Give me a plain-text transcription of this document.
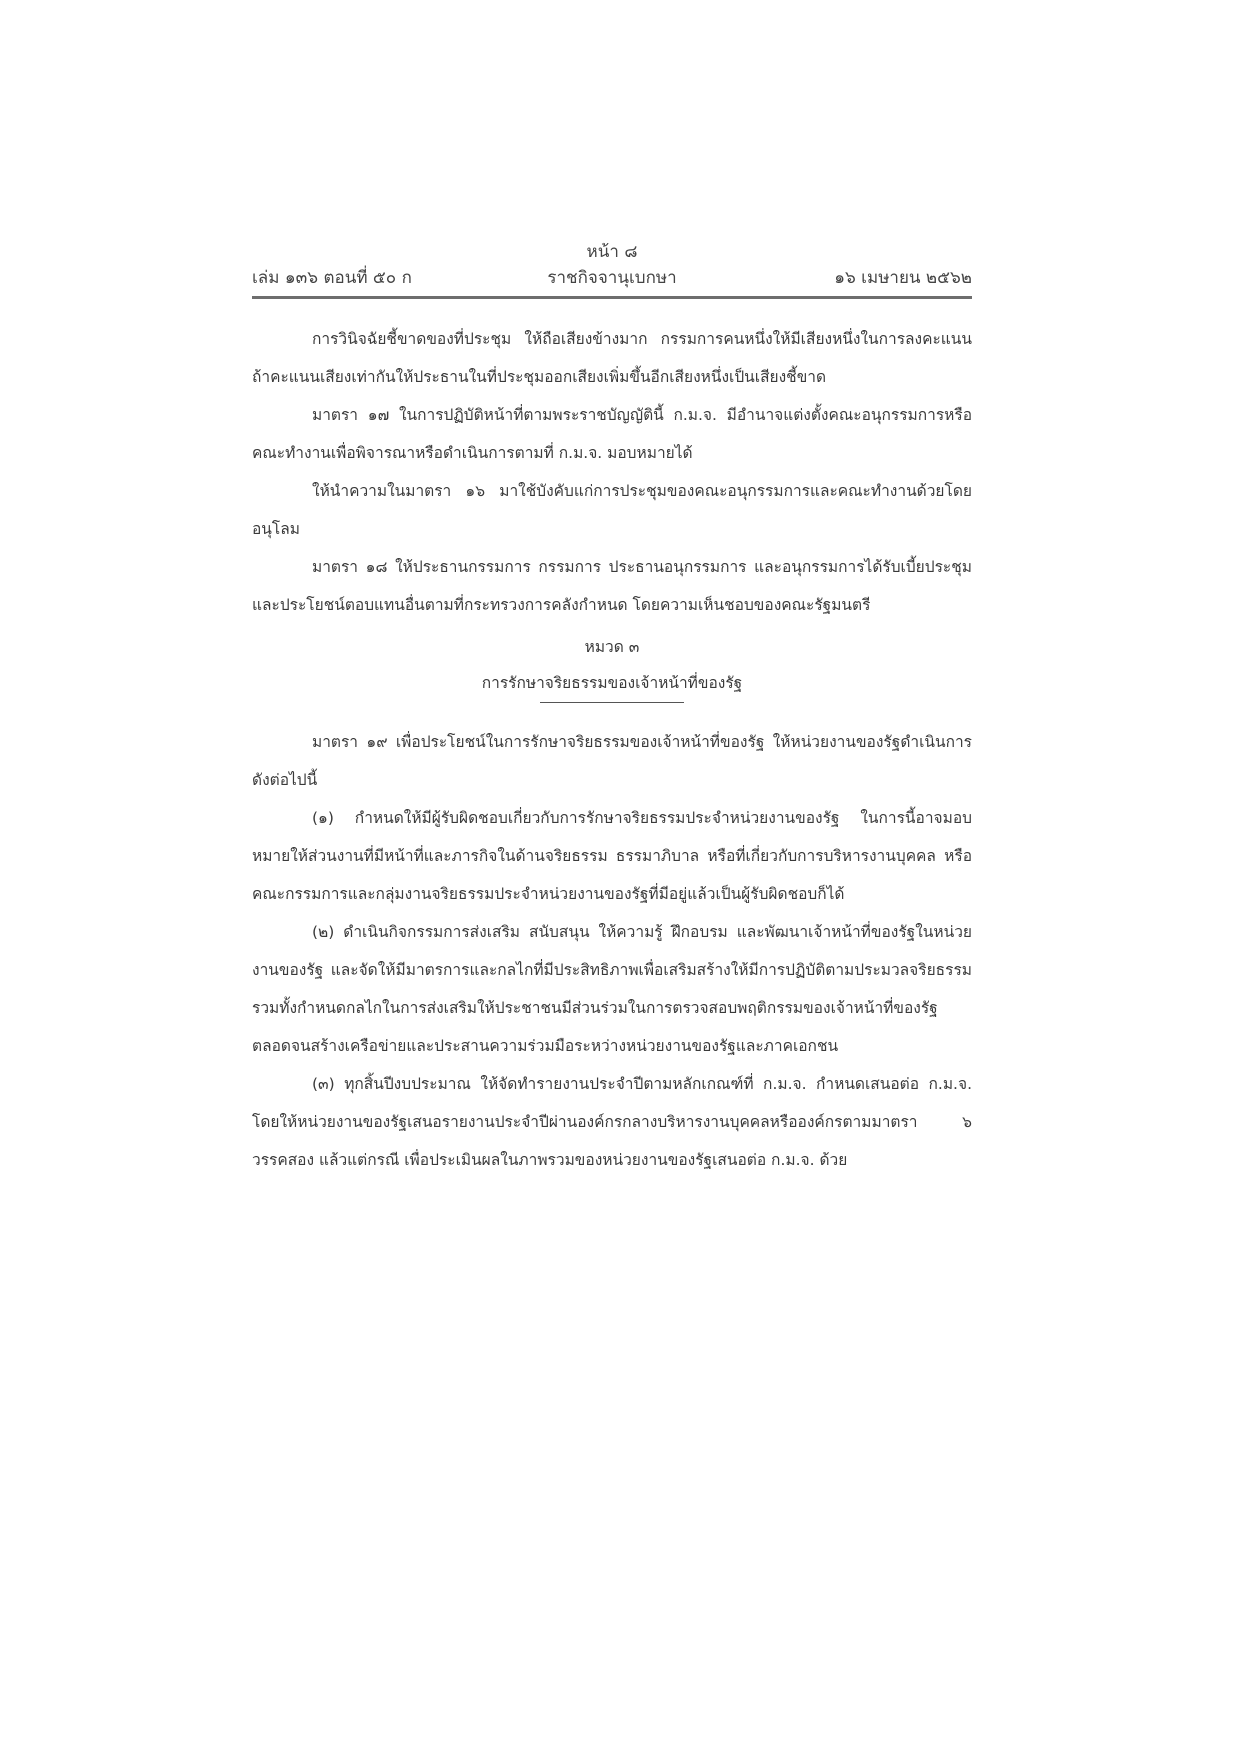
หน้า ๘
เล่ม ๑๓๖ ตอนที่ ๕๐ ก	ราชกิจจานุเบกษา	๑๖ เมษายน ๒๕๖๒

การวินิจฉัยชี้ขาดของที่ประชุม ให้ถือเสียงข้างมาก กรรมการคนหนึ่งให้มีเสียงหนึ่งในการลงคะแนน ถ้าคะแนนเสียงเท่ากันให้ประธานในที่ประชุมออกเสียงเพิ่มขึ้นอีกเสียงหนึ่งเป็นเสียงชี้ขาด

มาตรา ๑๗ ในการปฏิบัติหน้าที่ตามพระราชบัญญัตินี้ ก.ม.จ. มีอำนาจแต่งตั้งคณะอนุกรรมการหรือคณะทำงานเพื่อพิจารณาหรือดำเนินการตามที่ ก.ม.จ. มอบหมายได้

ให้นำความในมาตรา ๑๖ มาใช้บังคับแก่การประชุมของคณะอนุกรรมการและคณะทำงานด้วยโดยอนุโลม

มาตรา ๑๘ ให้ประธานกรรมการ กรรมการ ประธานอนุกรรมการ และอนุกรรมการได้รับเบี้ยประชุมและประโยชน์ตอบแทนอื่นตามที่กระทรวงการคลังกำหนด โดยความเห็นชอบของคณะรัฐมนตรี

หมวด ๓
การรักษาจริยธรรมของเจ้าหน้าที่ของรัฐ

มาตรา ๑๙ เพื่อประโยชน์ในการรักษาจริยธรรมของเจ้าหน้าที่ของรัฐ ให้หน่วยงานของรัฐดำเนินการ ดังต่อไปนี้

(๑) กำหนดให้มีผู้รับผิดชอบเกี่ยวกับการรักษาจริยธรรมประจำหน่วยงานของรัฐ ในการนี้อาจมอบหมายให้ส่วนงานที่มีหน้าที่และภารกิจในด้านจริยธรรม ธรรมาภิบาล หรือที่เกี่ยวกับการบริหารงานบุคคล หรือคณะกรรมการและกลุ่มงานจริยธรรมประจำหน่วยงานของรัฐที่มีอยู่แล้วเป็นผู้รับผิดชอบก็ได้

(๒) ดำเนินกิจกรรมการส่งเสริม สนับสนุน ให้ความรู้ ฝึกอบรม และพัฒนาเจ้าหน้าที่ของรัฐในหน่วยงานของรัฐ และจัดให้มีมาตรการและกลไกที่มีประสิทธิภาพเพื่อเสริมสร้างให้มีการปฏิบัติตามประมวลจริยธรรม รวมทั้งกำหนดกลไกในการส่งเสริมให้ประชาชนมีส่วนร่วมในการตรวจสอบพฤติกรรมของเจ้าหน้าที่ของรัฐ ตลอดจนสร้างเครือข่ายและประสานความร่วมมือระหว่างหน่วยงานของรัฐและภาคเอกชน

(๓) ทุกสิ้นปีงบประมาณ ให้จัดทำรายงานประจำปีตามหลักเกณฑ์ที่ ก.ม.จ. กำหนดเสนอต่อ ก.ม.จ. โดยให้หน่วยงานของรัฐเสนอรายงานประจำปีผ่านองค์กรกลางบริหารงานบุคคลหรือองค์กรตามมาตรา ๖ วรรคสอง แล้วแต่กรณี เพื่อประเมินผลในภาพรวมของหน่วยงานของรัฐเสนอต่อ ก.ม.จ. ด้วย
